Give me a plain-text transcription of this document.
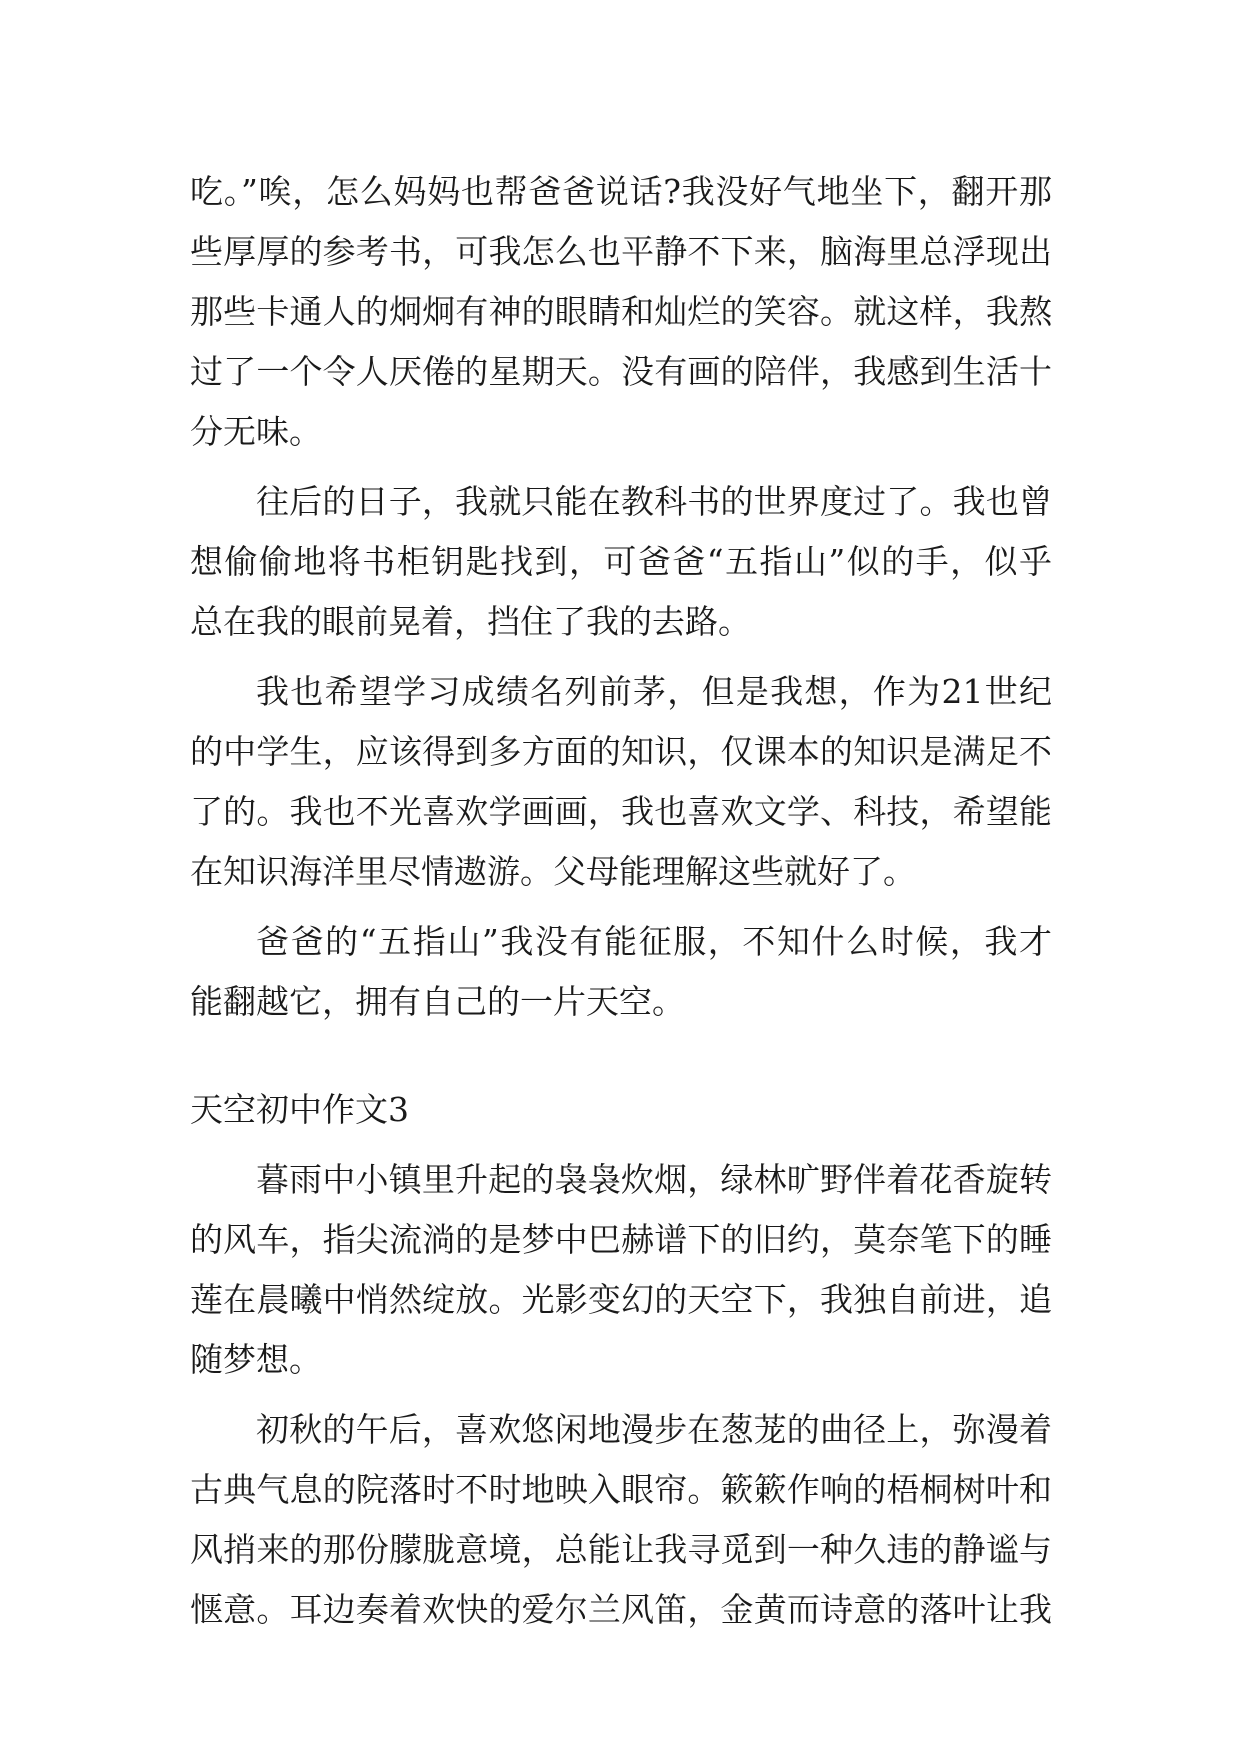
吃。”唉，怎么妈妈也帮爸爸说话?我没好气地坐下，翻开那
些厚厚的参考书，可我怎么也平静不下来，脑海里总浮现出
那些卡通人的炯炯有神的眼睛和灿烂的笑容。就这样，我熬
过了一个令人厌倦的星期天。没有画的陪伴，我感到生活十
分无味。
往后的日子，我就只能在教科书的世界度过了。我也曾
想偷偷地将书柜钥匙找到，可爸爸“五指山”似的手，似乎
总在我的眼前晃着，挡住了我的去路。
我也希望学习成绩名列前茅，但是我想，作为21世纪
的中学生，应该得到多方面的知识，仅课本的知识是满足不
了的。我也不光喜欢学画画，我也喜欢文学、科技，希望能
在知识海洋里尽情遨游。父母能理解这些就好了。
爸爸的“五指山”我没有能征服，不知什么时候，我才
能翻越它，拥有自己的一片天空。
天空初中作文3
暮雨中小镇里升起的袅袅炊烟，绿林旷野伴着花香旋转
的风车，指尖流淌的是梦中巴赫谱下的旧约，莫奈笔下的睡
莲在晨曦中悄然绽放。光影变幻的天空下，我独自前进，追
随梦想。
初秋的午后，喜欢悠闲地漫步在葱茏的曲径上，弥漫着
古典气息的院落时不时地映入眼帘。簌簌作响的梧桐树叶和
风捎来的那份朦胧意境，总能让我寻觅到一种久违的静谧与
惬意。耳边奏着欢快的爱尔兰风笛，金黄而诗意的落叶让我
